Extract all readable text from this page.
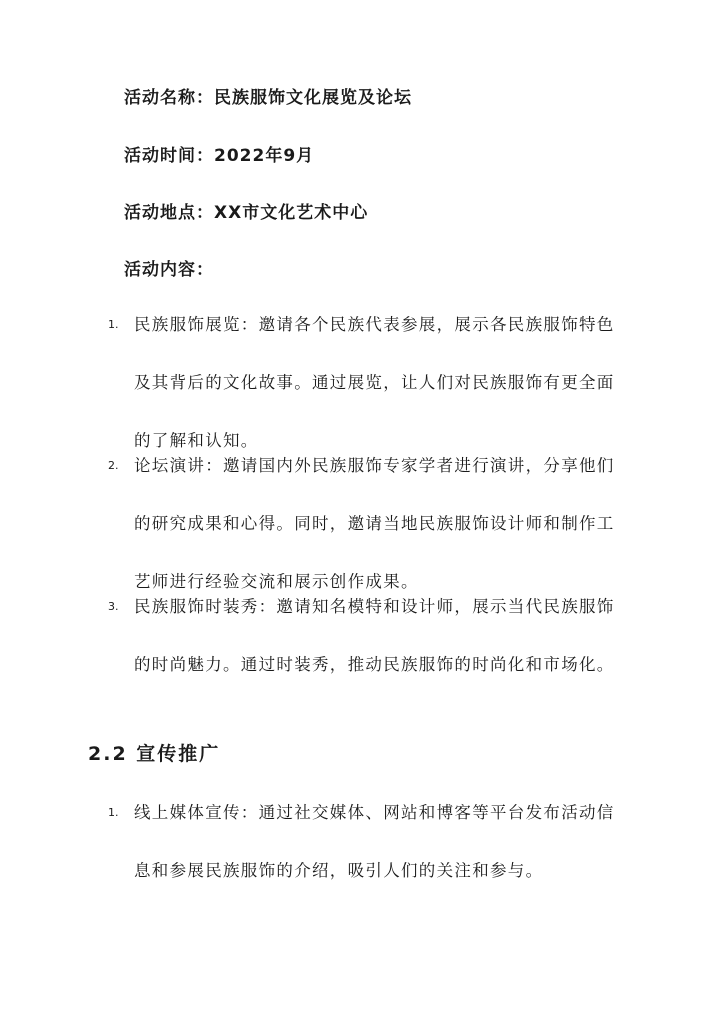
活动名称：民族服饰文化展览及论坛
活动时间：2022年9月
活动地点：XX市文化艺术中心
活动内容：
1. 民族服饰展览：邀请各个民族代表参展，展示各民族服饰特色及其背后的文化故事。通过展览，让人们对民族服饰有更全面的了解和认知。
2. 论坛演讲：邀请国内外民族服饰专家学者进行演讲，分享他们的研究成果和心得。同时，邀请当地民族服饰设计师和制作工艺师进行经验交流和展示创作成果。
3. 民族服饰时装秀：邀请知名模特和设计师，展示当代民族服饰的时尚魅力。通过时装秀，推动民族服饰的时尚化和市场化。
2.2 宣传推广
1. 线上媒体宣传：通过社交媒体、网站和博客等平台发布活动信息和参展民族服饰的介绍，吸引人们的关注和参与。
